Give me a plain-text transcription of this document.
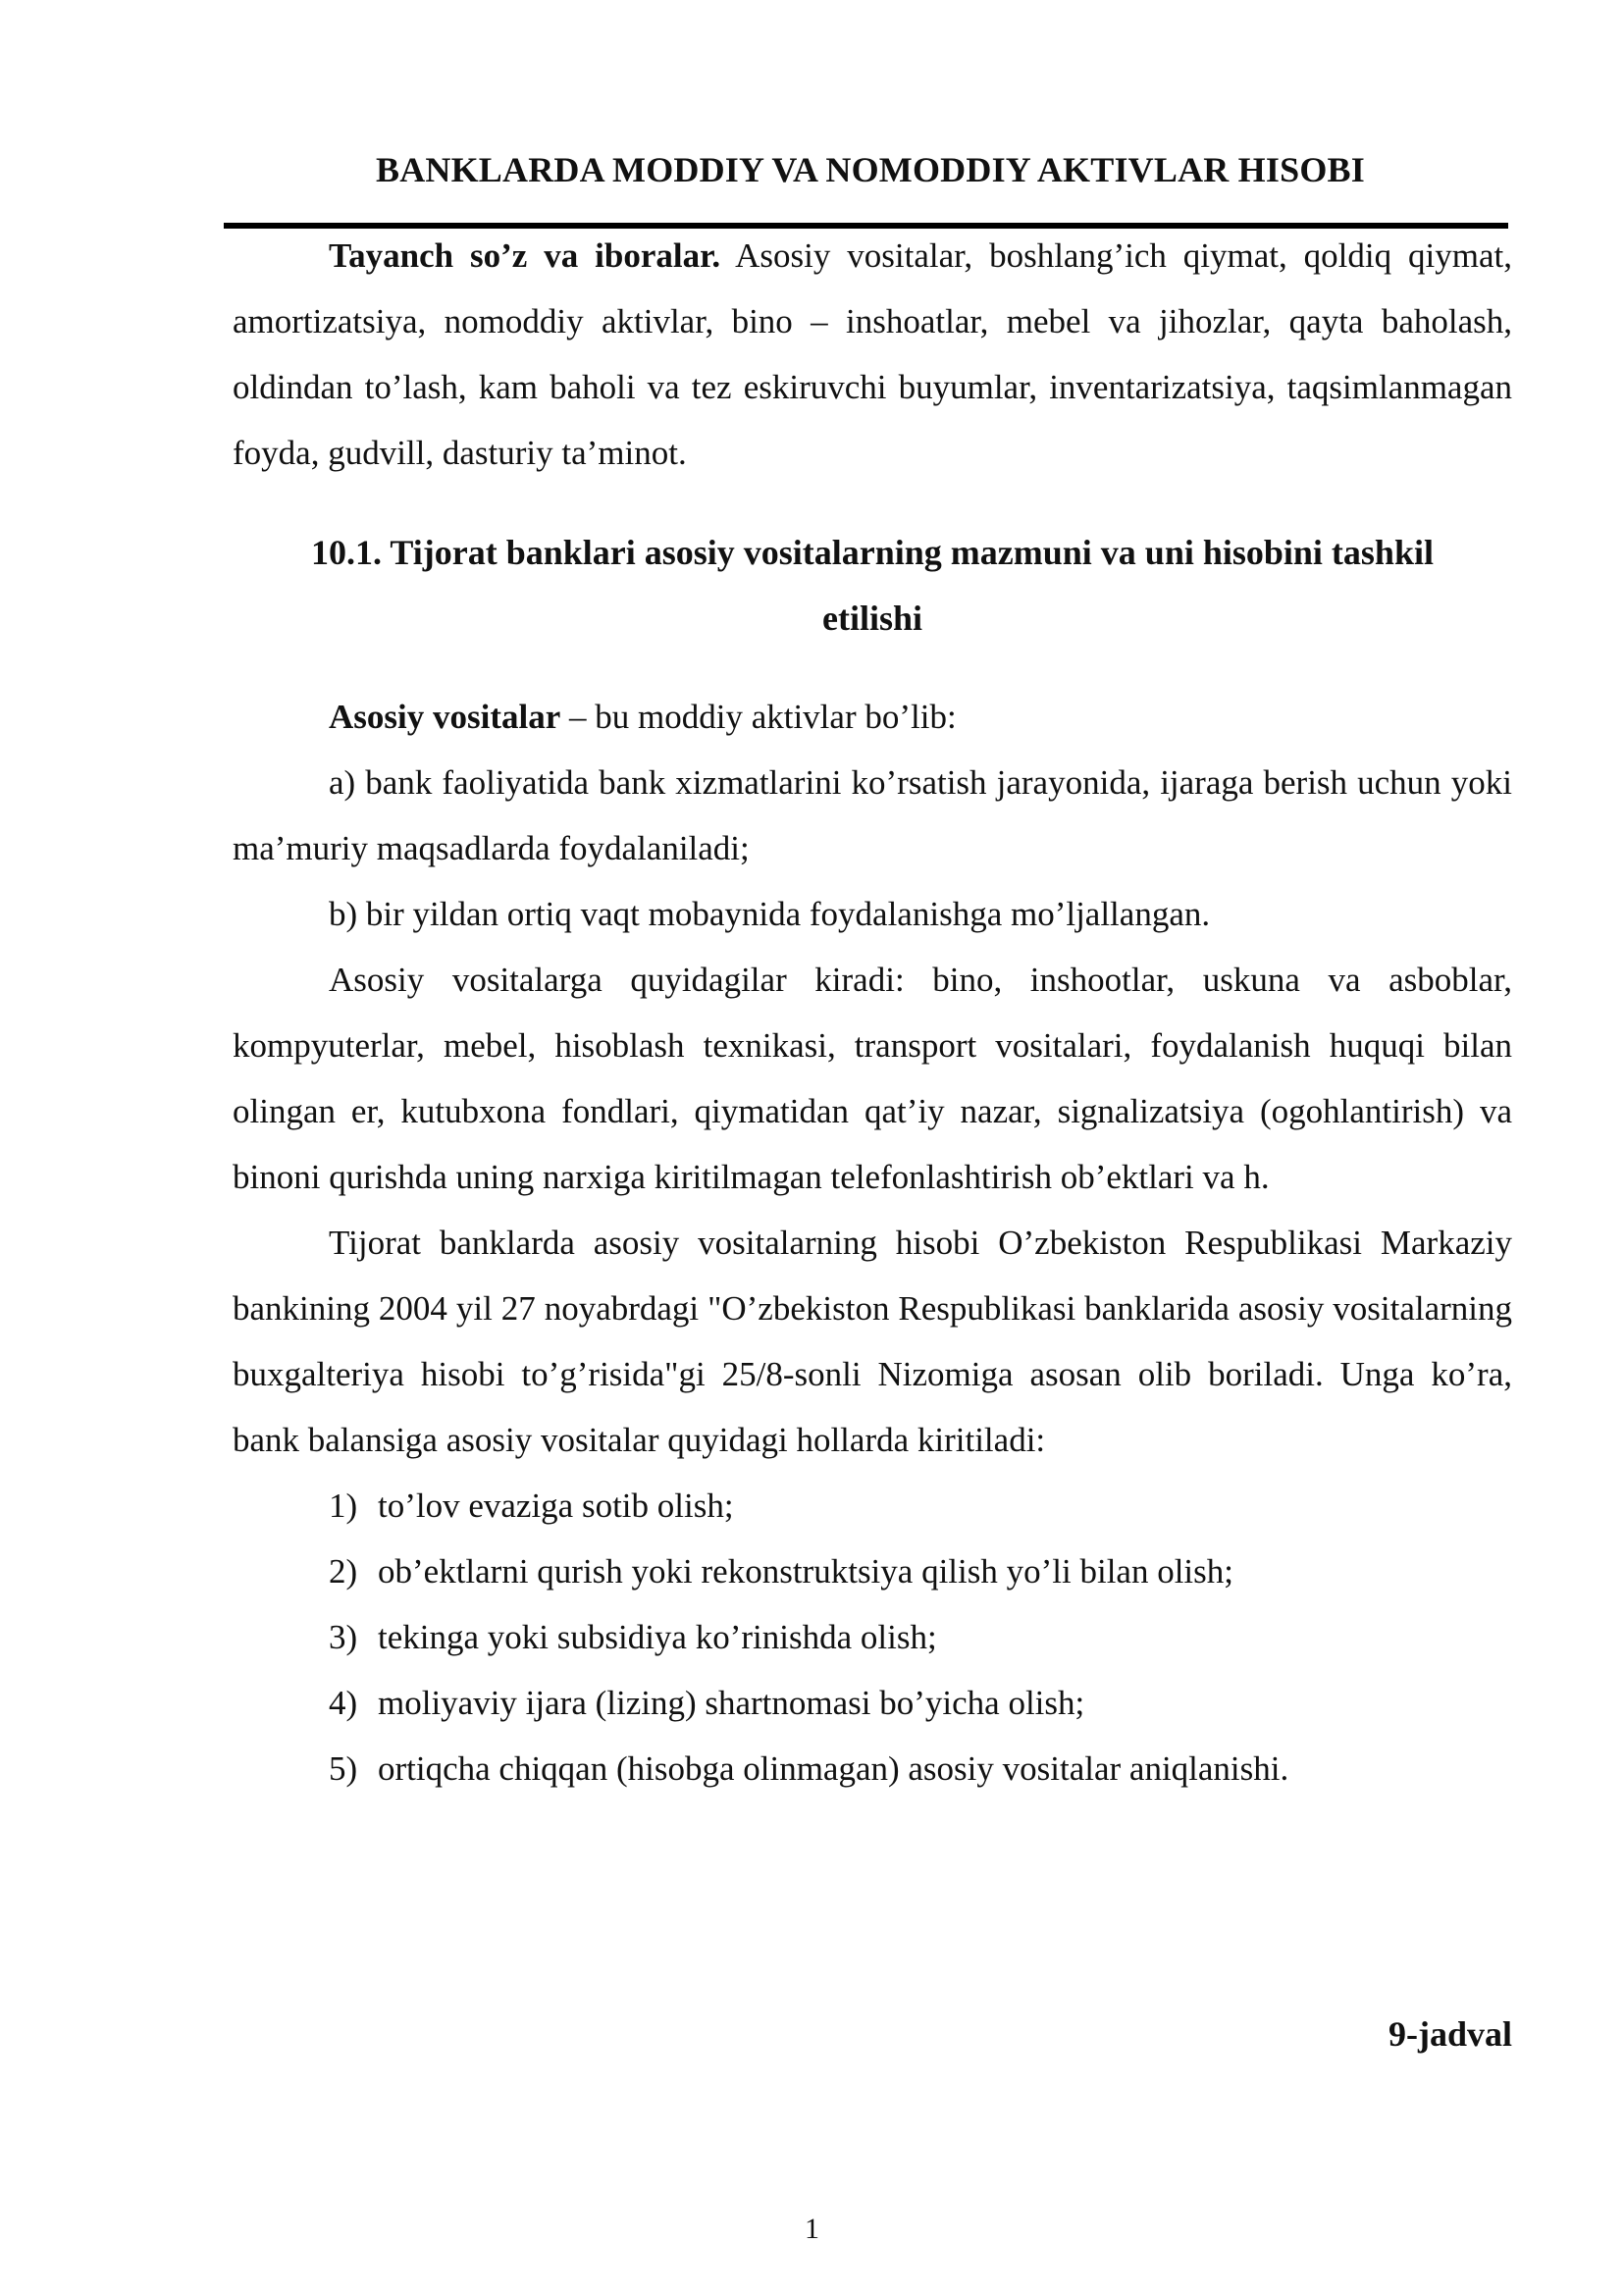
BANKLARDA MODDIY VA NOMODDIY AKTIVLAR HISOBI

Tayanch so’z va iboralar. Asosiy vositalar, boshlang’ich qiymat, qoldiq qiymat, amortizatsiya, nomoddiy aktivlar, bino – inshoatlar, mebel va jihozlar, qayta baholash, oldindan to’lash, kam baholi va tez eskiruvchi buyumlar, inventarizatsiya, taqsimlanmagan foyda, gudvill, dasturiy ta’minot.

10.1. Tijorat banklari asosiy vositalarning mazmuni va uni hisobini tashkil
etilishi

Asosiy vositalar – bu moddiy aktivlar bo’lib:

a) bank faoliyatida bank xizmatlarini ko’rsatish jarayonida, ijaraga berish uchun yoki ma’muriy maqsadlarda foydalaniladi;

b) bir yildan ortiq vaqt mobaynida foydalanishga mo’ljallangan.

Asosiy vositalarga quyidagilar kiradi: bino, inshootlar, uskuna va asboblar, kompyuterlar, mebel, hisoblash texnikasi, transport vositalari, foydalanish huquqi bilan olingan er, kutubxona fondlari, qiymatidan qat’iy nazar, signalizatsiya (ogohlantirish) va binoni qurishda uning narxiga kiritilmagan telefonlashtirish ob’ektlari va h.

Tijorat banklarda asosiy vositalarning hisobi O’zbekiston Respublikasi Markaziy bankining 2004 yil 27 noyabrdagi "O’zbekiston Respublikasi banklarida asosiy vositalarning buxgalteriya hisobi to’g’risida"gi 25/8-sonli Nizomiga asosan olib boriladi. Unga ko’ra, bank balansiga asosiy vositalar quyidagi hollarda kiritiladi:

1) to’lov evaziga sotib olish;
2) ob’ektlarni qurish yoki rekonstruktsiya qilish yo’li bilan olish;
3) tekinga yoki subsidiya ko’rinishda olish;
4) moliyaviy ijara (lizing) shartnomasi bo’yicha olish;
5) ortiqcha chiqqan (hisobga olinmagan) asosiy vositalar aniqlanishi.
9-jadval
1
